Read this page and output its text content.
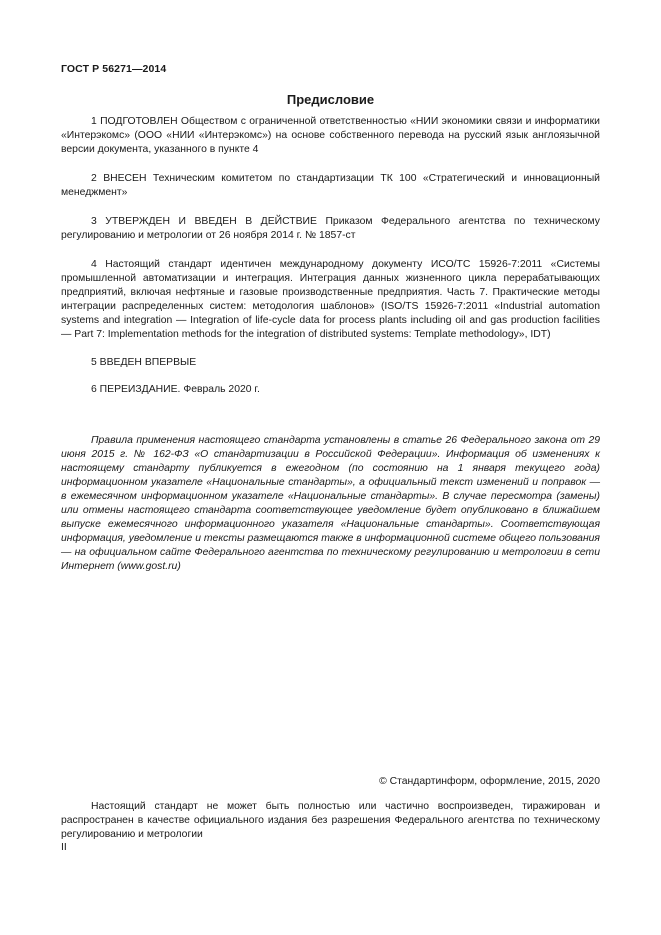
ГОСТ Р 56271—2014
Предисловие

1 ПОДГОТОВЛЕН Обществом с ограниченной ответственностью «НИИ экономики связи и информатики «Интерэкомс» (ООО «НИИ «Интерэкомс») на основе собственного перевода на русский язык англоязычной версии документа, указанного в пункте 4

2 ВНЕСЕН Техническим комитетом по стандартизации ТК 100 «Стратегический и инновационный менеджмент»

3 УТВЕРЖДЕН И ВВЕДЕН В ДЕЙСТВИЕ Приказом Федерального агентства по техническому регулированию и метрологии от 26 ноября 2014 г. № 1857-ст

4 Настоящий стандарт идентичен международному документу ИСО/ТС 15926-7:2011 «Системы промышленной автоматизации и интеграция. Интеграция данных жизненного цикла перерабатывающих предприятий, включая нефтяные и газовые производственные предприятия. Часть 7. Практические методы интеграции распределенных систем: методология шаблонов» (ISO/TS 15926-7:2011 «Industrial automation systems and integration — Integration of life-cycle data for process plants including oil and gas production facilities — Part 7: Implementation methods for the integration of distributed systems: Template methodology», IDT)

5 ВВЕДЕН ВПЕРВЫЕ

6 ПЕРЕИЗДАНИЕ. Февраль 2020 г.

Правила применения настоящего стандарта установлены в статье 26 Федерального закона от 29 июня 2015 г. № 162-ФЗ «О стандартизации в Российской Федерации». Информация об изменениях к настоящему стандарту публикуется в ежегодном (по состоянию на 1 января текущего года) информационном указателе «Национальные стандарты», а официальный текст изменений и поправок — в ежемесячном информационном указателе «Национальные стандарты». В случае пересмотра (замены) или отмены настоящего стандарта соответствующее уведомление будет опубликовано в ближайшем выпуске ежемесячного информационного указателя «Национальные стандарты». Соответствующая информация, уведомление и тексты размещаются также в информационной системе общего пользования — на официальном сайте Федерального агентства по техническому регулированию и метрологии в сети Интернет (www.gost.ru)

© Стандартинформ, оформление, 2015, 2020

Настоящий стандарт не может быть полностью или частично воспроизведен, тиражирован и распространен в качестве официального издания без разрешения Федерального агентства по техническому регулированию и метрологии

II
